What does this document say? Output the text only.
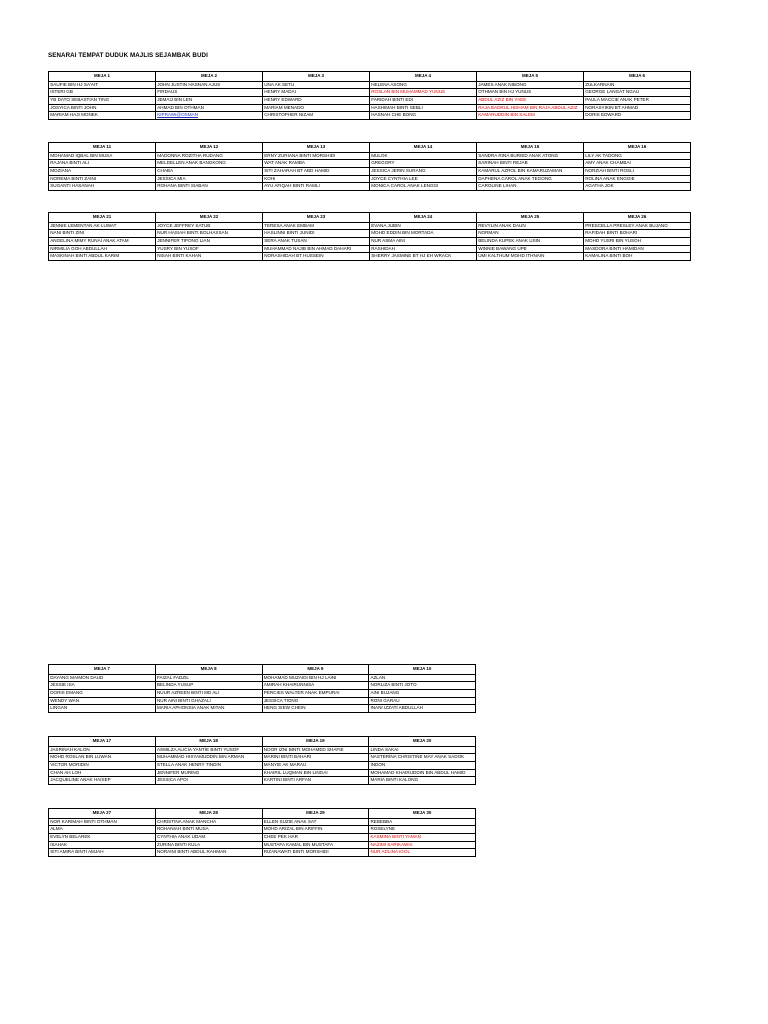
SENARAI TEMPAT DUDUK MAJLIS SEJAMBAK BUDI
MEJA 1	MEJA 2	MEJA 3	MEJA 4	MEJA 5	MEJA 6
SAUFIE BIN HJ SA'AIT	JOHN JUSTIN HASNAN AJUS	UNA AK SETU	HELENA ASONG	JAMES ANAK NIBONG	ZULKARNAIN
ISTERI GB	FIRDAUS	HENRY MADAI	ROSLAN BIN MUHAMMAD YUNUS	OTHMAN BIN HJ YUNUS	GEORGE LANGAT NGAU
YB DATO SEBASTIAN TING	JEMAIJ BIN LEN	HENRY EDWARD	FARIDAH BINTI EDI	ABDUL AZIZ BIN YAEE	PAULA MACCIE ANAK PETER
JOSYICA BINTI JOHN	AHMAD BIN OTHMAN	MARIAM MENADO	HASHIMAH BINTI SEBLI	RAJA BADRUL HISHAM BIN RAJA ABDUL AZIZ	NORASYIKIN BT AHMAD
MARIAM HAJI MONEK	KIPRAWI@OSMAN	CHRISTOPHER NIZAM	HASNAH CHE BONG	KAMARUDDIN BIN SALEM	DORIS EDWARD
MEJA 11	MEJA 12	MEJA 13	MEJA 14	MEJA 15	MEJA 16
MOHAMAD IQBAL BIN MUSA	MADONNA ROZITHA RUDANG	ERNY ZURIANA BINTI MORSHIDI	MULOK	SANDRA RINA BURIED ANAK ATONG	LILY AK TADONG
RAJANA BINTI ALI	MELDELLEN ANAK BANGKONG	WAT ANAK RAMBA	GREGORY	SARINAH BINTI REJAB	AMY ANAK CHAMBAI
MOZIANA	CHABA	SITI ZAHARAH BT ABD HAMID	JESSICA JERIN SURANG	KAMARUL AZROL BIN KAMARUZAMAN	NORZIAH BINTI ROSLI
NOREMA BINTI ZAINI	JESSICA MIA	KOHI	JOYCE CYNTHIA LEE	DAPHENA CAROL ANAK TEGONG	ROLINA ANAK ENGGIE
SUGANTI HASANAH	ROHANA BINTI SIABAN	AYU AFIQAH BINTI RAMLI	MONICA CAROL ANAK LENGGI	CAROLINE LIHAN	AGATHA JOK
MEJA 21	MEJA 22	MEJA 23	MEJA 24	MEJA 25	MEJA 26
JENNIE LEMENTAN AK LUWAT	JOYCE JEFFREY SATUB	TERESA ANAK EMBAM	EVANA JUBIN	REVYLIN ANAK DAUN	PRESCELLA PRESLEY ANAK BUJANG
NANI BINTI ZINI	NUR HASIAH BINTI BOLHASSAN	HASLINNI BINTI JUNIDI	MOHD EDDIN BIN MORTADA	NORMAN	RAFIDAH BINTI BOHARI
ANGELINA MIMY RUNAI ANAK ATAM	JENNIFER TIPONG LIAN	SERA ANAK TUSAN	NUR ASMA AINI	BELINDA KUPEK ANAK USIN	MOHD YUSRI BIN YUSOH
NIRMILIA GOH ABDULLAH	YUSRY BIN YUSOF	MUHAMMAD NAJIB BIN AHMAD DAHARI	RASHIDAH	WINNIE BAWANG UPE	MASDORA BINTI HAMIDAN
MASKINAH BINTI ABDUL KARIM	NISAH BINTI KAHAN	NORASHIDAH BT HUSSEIN	SHERRY JASMINE BT HJ EH WRACK	UMI KALTHUM MOHD ITHNAIN	KAMALINA BINTI BOH
MEJA 7	MEJA 8	MEJA 9	MEJA 10
DAYANG MAIMON DAUD	FAIZAL FADZIL	MOHAMAD MUZAIDI BIN HJ LAINI	AZLAN
JESSIE ISA	BELINDA YUSUP	AMIRAH KHAIRUNNISA	NORLIZA BINTI JOTO
DORIS EMANG	NUUR AZREEN BINTI MD ALI	PERCIES WALTER ANAK EMPURAI	AINI BUJANG
WENDY WAN	NUR AINI BINTI GHAZALI	JESSICA TIONG	RONI GARAU
LINGAN	MARIA APHONSIA ANAK MITAN	HENG SIEW CHEIN	INANI IZZATI ABDULLAH
MEJA 17	MEJA 18	MEJA 19	MEJA 20
JASRINAH KALON	ASMILZA ALICIA YANTIE BINTI YUSOF	NOOR IZNI BINTI MOHAMED SHAFIE	LINDA SAKAI
MOHD ROSLAN BIN LUWAN	MUHAMMAD HISYAMUDDIN BIN ARMAN	MARINI BINTI BAHARI	NASTERINA CHRISTINE MAY ANAK SADOK
VICTOR MORIDIN	STELLA ANAK HENRY TINDIN	MANYIE AK MARAU	INDON
CHAN AH LOH	JENNIFER MURING	KHAIRIL LUQMAN BIN LINGAI	MOHAMAD KHAIRUDDIN BIN ABDUL HAMID
JACQUELINE ANAK HAISEP	JESSICA APOI	KARTINI BINTI ARFAN	MARIA BINTI KALONG
MEJA 27	MEJA 28	MEJA 29	MEJA 30
NOR KARIMAH BINTI OTHMAN	CHRISTINA ANAK MANCHA	ELLEN SUZIE ANAK SAT	REBEBBA
ALMA	ROHANIAH BINTI MUSA	MOHD ARIZAL BIN ARIFFIN	ROSELYNE
EVELYN BELAREK	CYNTHIA ANAK UDAM	CHEE PEK HAR	KASMINA BINTI YAMAN
ISAHAK	ZURINA BINTI KULA	MUSTAFA KAMAL BIN MUSTAFA	NAZIMI SARIKAWAI
SITI AMIRA BINTI AMJAH	NORAINI BINTI ABDUL RAHMAN	RIZANAWATI BINTI MORSHIDI	NUR ADLINA IGOL
